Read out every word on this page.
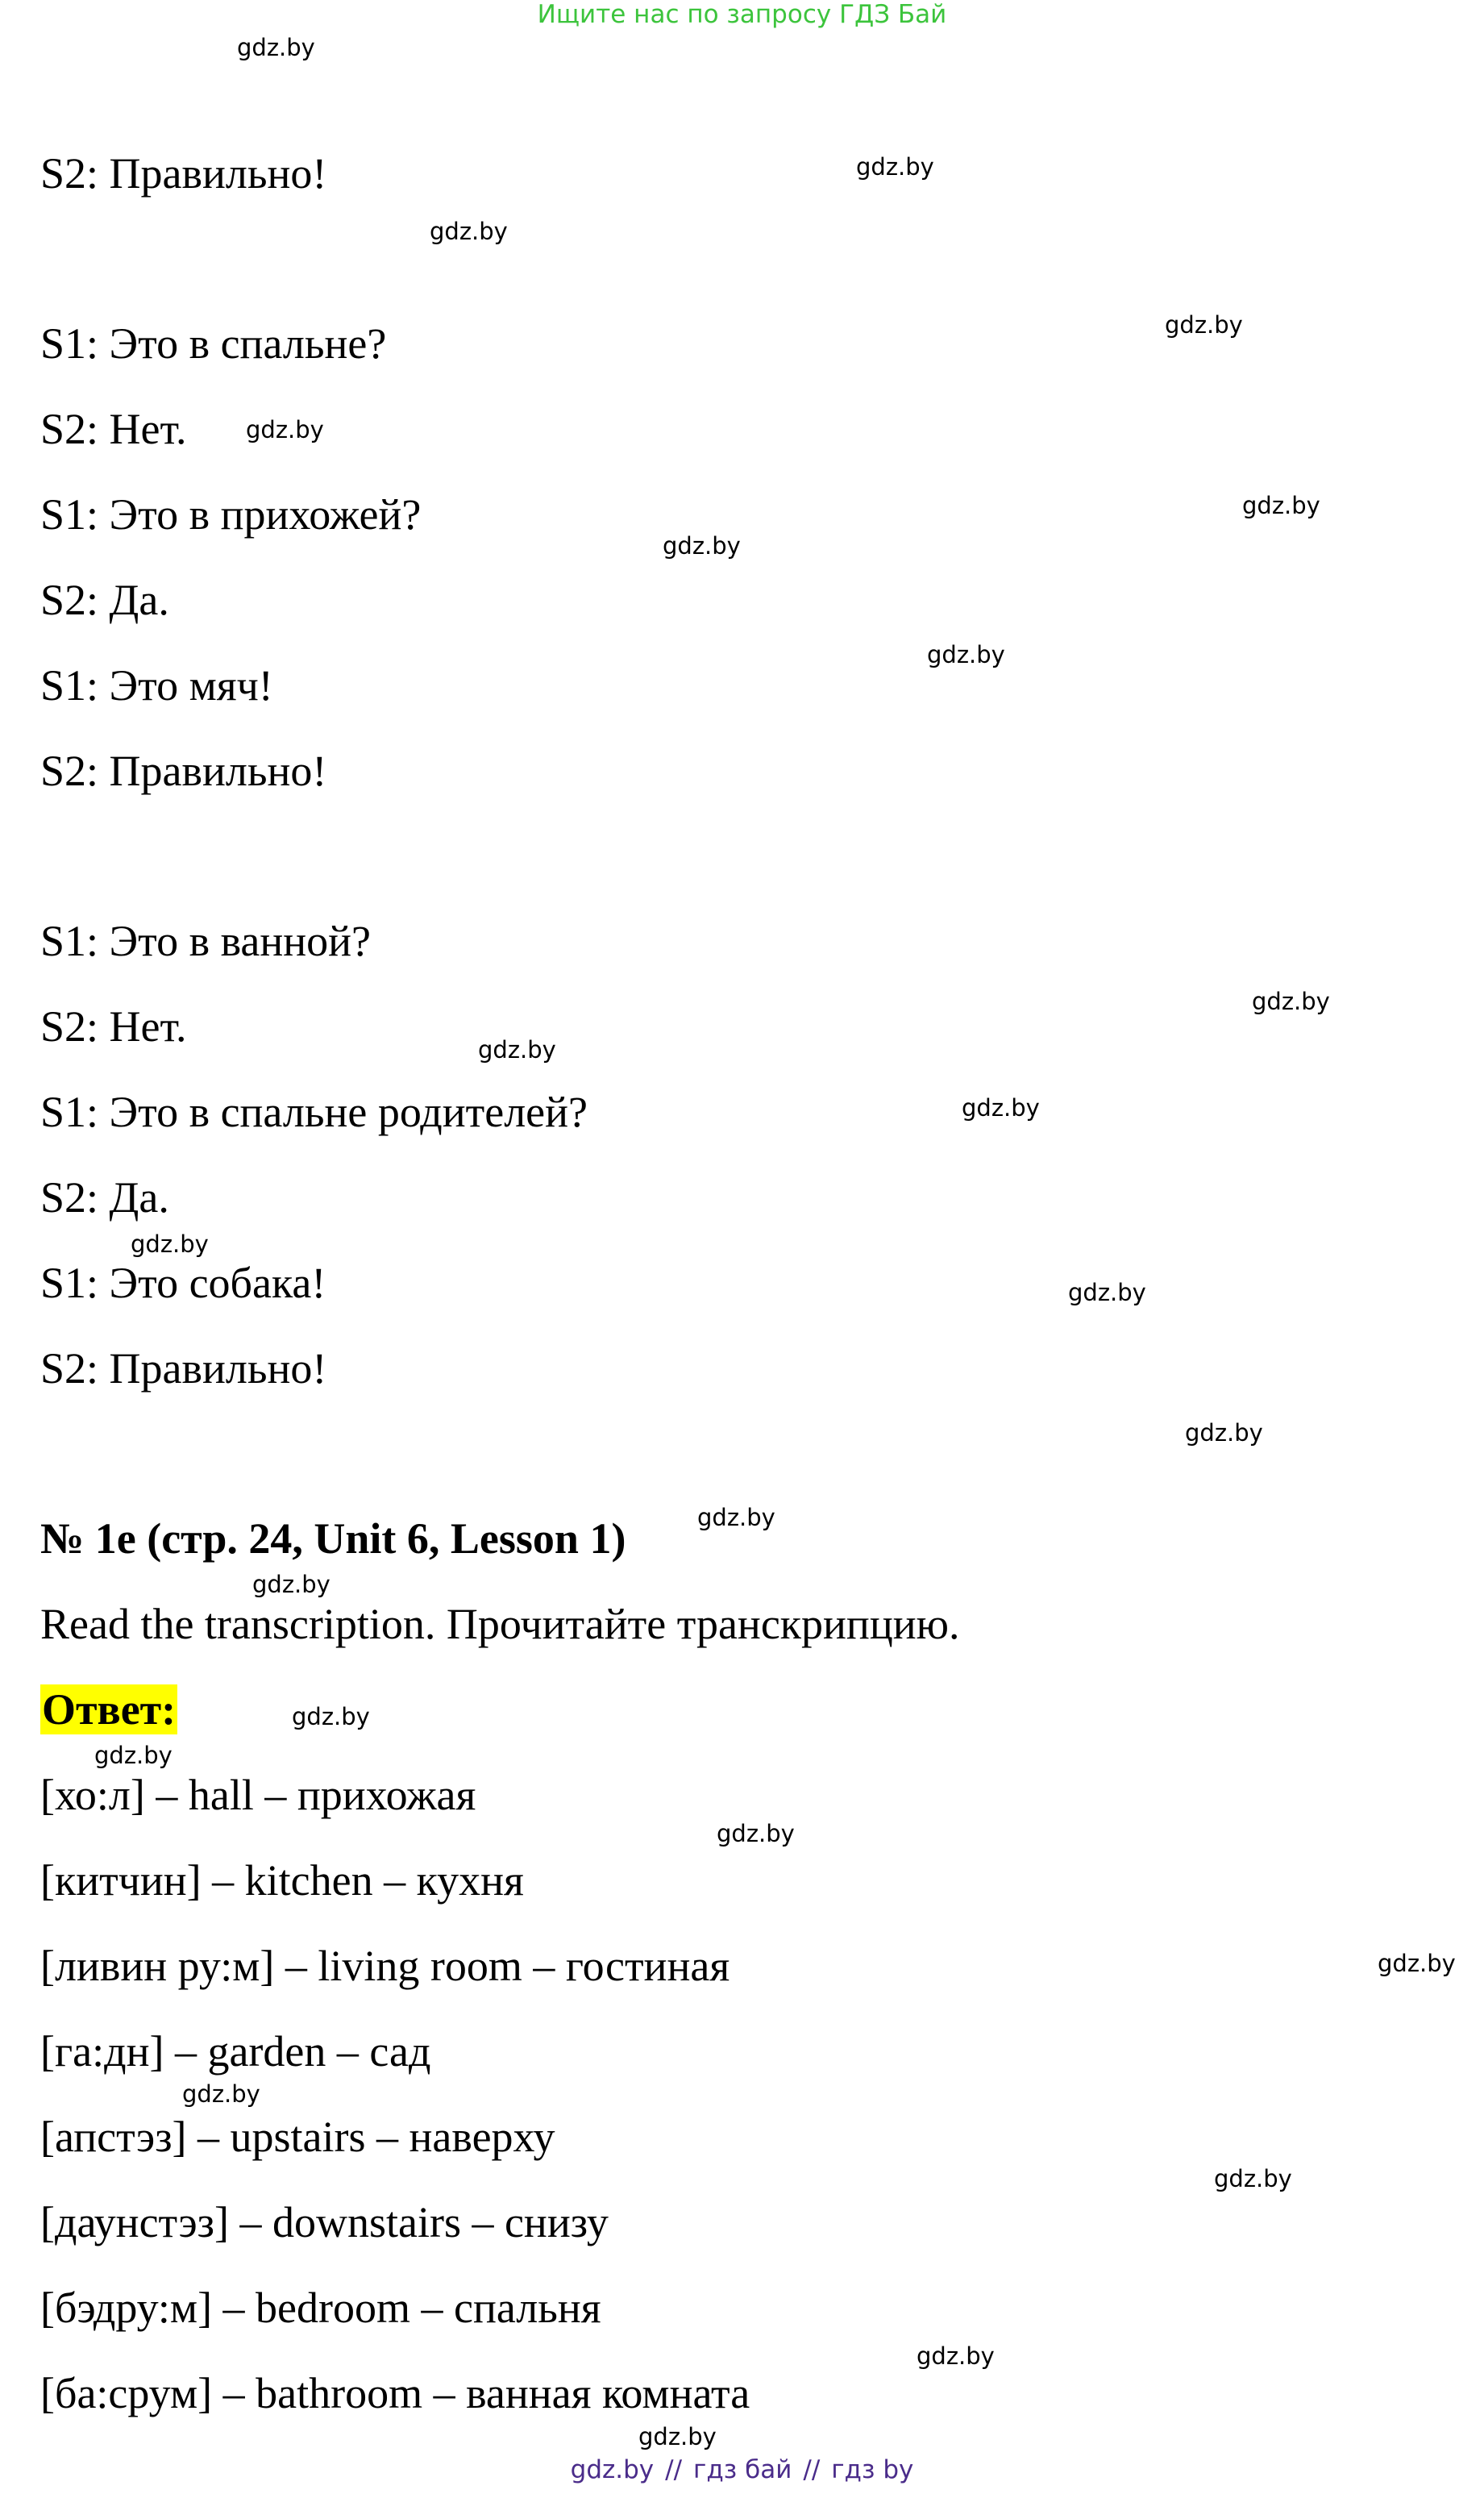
Ищите нас по запросу ГДЗ Бай
S2: Правильно!
S1: Это в спальне?
S2: Нет.
S1: Это в прихожей?
S2: Да.
S1: Это мяч!
S2: Правильно!
S1: Это в ванной?
S2: Нет.
S1: Это в спальне родителей?
S2: Да.
S1: Это собака!
S2: Правильно!
№ 1e (стр. 24, Unit 6, Lesson 1)
Read the transcription. Прочитайте транскрипцию.
Ответ:
[хо:л] – hall – прихожая
[китчин] – kitchen – кухня
[ливин ру:м] – living room – гостиная
[га:дн] – garden – сад
[апстэз] – upstairs – наверху
[даунстэз] – downstairs – снизу
[бэдру:м] – bedroom – спальня
[ба:срум] – bathroom – ванная комната
gdz.by
gdz.by
gdz.by
gdz.by
gdz.by
gdz.by
gdz.by
gdz.by
gdz.by
gdz.by
gdz.by
gdz.by
gdz.by
gdz.by
gdz.by
gdz.by
gdz.by
gdz.by
gdz.by
gdz.by
gdz.by
gdz.by
gdz.by
gdz.by
gdz.by // гдз бай // гдз by
